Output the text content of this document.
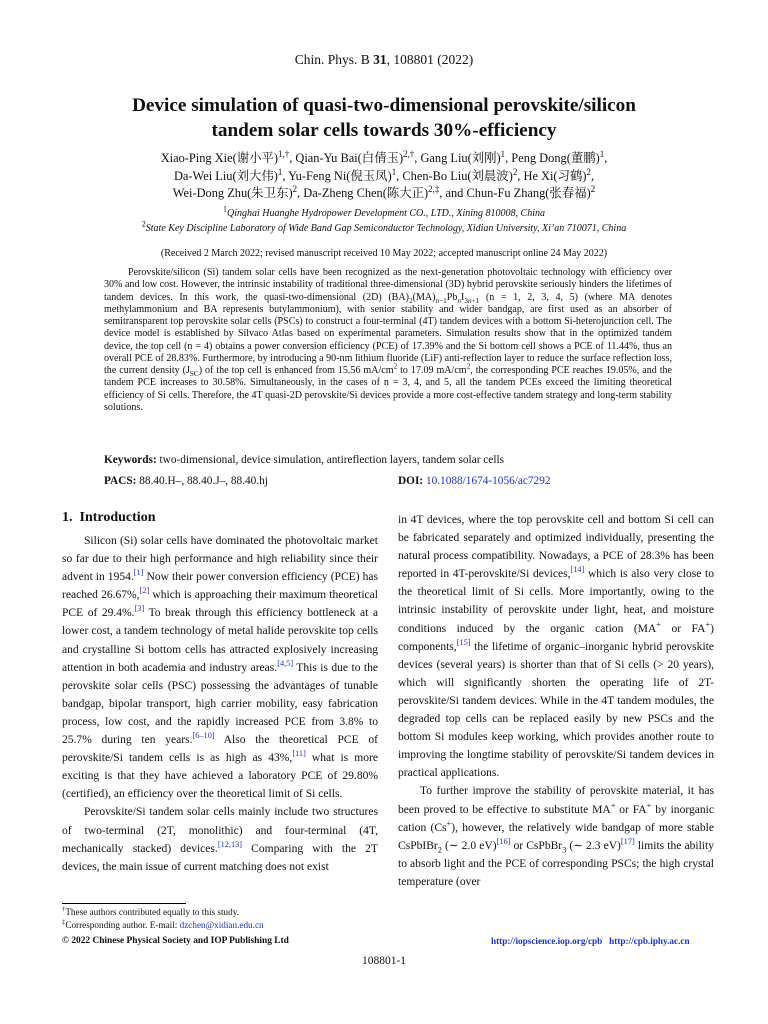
Chin. Phys. B 31, 108801 (2022)
Device simulation of quasi-two-dimensional perovskite/silicon
tandem solar cells towards 30%-efficiency

Xiao-Ping Xie(谢小平)$^{1,\dagger}$, Qian-Yu Bai(白倩玉)$^{2,\dagger}$, Gang Liu(刘刚)$^1$, Peng Dong(董鹏)$^1$,
Da-Wei Liu(刘大伟)$^1$, Yu-Feng Ni(倪玉凤)$^1$, Chen-Bo Liu(刘晨波)$^2$, He Xi(习鹤)$^2$,
Wei-Dong Zhu(朱卫东)$^2$, Da-Zheng Chen(陈大正)$^{2,\ddagger}$, and Chun-Fu Zhang(张春福)$^2$

$^1$Qinghai Huanghe Hydropower Development CO., LTD., Xining 810008, China

$^2$State Key Discipline Laboratory of Wide Band Gap Semiconductor Technology, Xidian University, Xi’an 710071, China

(Received 2 March 2022; revised manuscript received 10 May 2022; accepted manuscript online 24 May 2022)

Perovskite/silicon (Si) tandem solar cells have been recognized as the next-generation photovoltaic technology with efficiency over 30% and low cost. However, the intrinsic instability of traditional three-dimensional (3D) hybrid perovskite seriously hinders the lifetimes of tandem devices. In this work, the quasi-two-dimensional (2D) $(BA)_2(MA)_{n-1}Pb_nI_{3n+1}$ (n = 1, 2, 3, 4, 5) (where MA denotes methylammonium and BA represents butylammonium), with senior stability and wider bandgap, are first used as an absorber of semitransparent top perovskite solar cells (PSCs) to construct a four-terminal (4T) tandem devices with a bottom Si-heterojunction cell. The device model is established by Silvaco Atlas based on experimental parameters. Simulation results show that in the optimized tandem device, the top cell (n = 4) obtains a power conversion efficiency (PCE) of 17.39% and the Si bottom cell shows a PCE of 11.44%, thus an overall PCE of 28.83%. Furthermore, by introducing a 90-nm lithium fluoride (LiF) anti-reflection layer to reduce the surface reflection loss, the current density $(J_{SC})$ of the top cell is enhanced from 15.56 $mA/cm^2$ to 17.09 $mA/cm^2$, the corresponding PCE reaches 19.05%, and the tandem PCE increases to 30.58%. Simultaneously, in the cases of n = 3, 4, and 5, all the tandem PCEs exceed the limiting theoretical efficiency of Si cells. Therefore, the 4T quasi-2D perovskite/Si devices provide a more cost-effective tandem strategy and long-term stability solutions.

Keywords: two-dimensional, device simulation, antireflection layers, tandem solar cells

PACS: 88.40.H–, 88.40.J–, 88.40.hj	DOI: 10.1088/1674-1056/ac7292

1. Introduction

Silicon (Si) solar cells have dominated the photovoltaic market so far due to their high performance and high reliability since their advent in 1954.[1] Now their power conversion efficiency (PCE) has reached 26.67%,[2] which is approaching their maximum theoretical PCE of 29.4%.[3] To break through this efficiency bottleneck at a lower cost, a tandem technology of metal halide perovskite top cells and crystalline Si bottom cells has attracted explosively increasing attention in both academia and industry areas.[4,5] This is due to the perovskite solar cells (PSC) possessing the advantages of tunable bandgap, bipolar transport, high carrier mobility, easy fabrication process, low cost, and the rapidly increased PCE from 3.8% to 25.7% during ten years.[6–10] Also the theoretical PCE of perovskite/Si tandem cells is as high as 43%,[11] what is more exciting is that they have achieved a laboratory PCE of 29.80% (certified), an efficiency over the theoretical limit of Si cells.

Perovskite/Si tandem solar cells mainly include two structures of two-terminal (2T, monolithic) and four-terminal (4T, mechanically stacked) devices.[12,13] Comparing with the 2T devices, the main issue of current matching does not exist

in 4T devices, where the top perovskite cell and bottom Si cell can be fabricated separately and optimized individually, presenting the natural process compatibility. Nowadays, a PCE of 28.3% has been reported in 4T-perovskite/Si devices,[14] which is also very close to the theoretical limit of Si cells. More importantly, owing to the intrinsic instability of perovskite under light, heat, and moisture conditions induced by the organic cation (MA+ or FA+) components,[15] the lifetime of organic–inorganic hybrid perovskite devices (several years) is shorter than that of Si cells (> 20 years), which will significantly shorten the operating life of 2T-perovskite/Si tandem devices. While in the 4T tandem modules, the degraded top cells can be replaced easily by new PSCs and the bottom Si modules keep working, which provides another route to improving the longtime stability of perovskite/Si tandem devices in practical applications.

To further improve the stability of perovskite material, it has been proved to be effective to substitute MA+ or FA+ by inorganic cation (Cs+), however, the relatively wide bandgap of more stable CsPbIBr$_2$ (∼ 2.0 eV)[16] or CsPbBr$_3$ (∼ 2.3 eV)[17] limits the ability to absorb light and the PCE of corresponding PSCs; the high crystal temperature (over

†These authors contributed equally to this study.

‡Corresponding author. E-mail: dzchen@xidian.edu.cn

© 2022 Chinese Physical Society and IOP Publishing Ltd	http://iopscience.iop.org/cpb http://cpb.iphy.ac.cn

108801-1
